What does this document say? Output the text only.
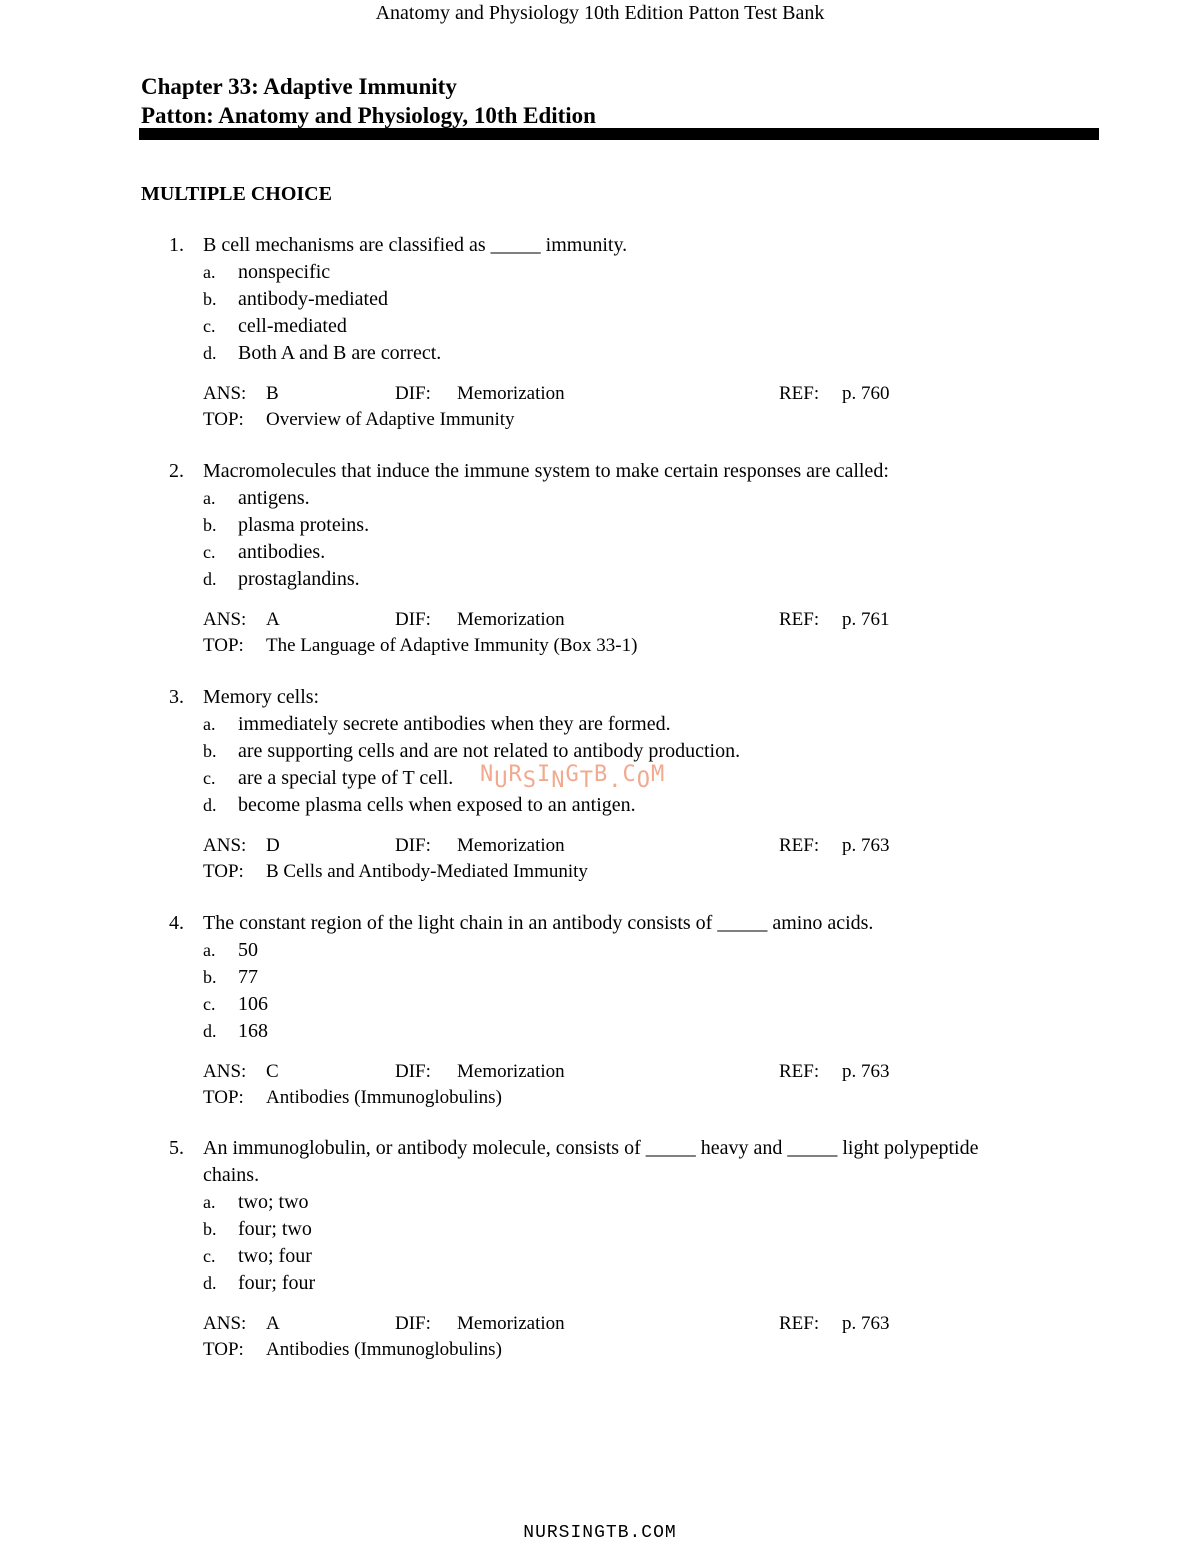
Anatomy and Physiology 10th Edition Patton Test Bank
Chapter 33: Adaptive Immunity
Patton: Anatomy and Physiology, 10th Edition
MULTIPLE CHOICE
1. B cell mechanisms are classified as _____ immunity.
a. nonspecific
b. antibody-mediated
c. cell-mediated
d. Both A and B are correct.
ANS: B	DIF: Memorization	REF: p. 760
TOP: Overview of Adaptive Immunity
2. Macromolecules that induce the immune system to make certain responses are called:
a. antigens.
b. plasma proteins.
c. antibodies.
d. prostaglandins.
ANS: A	DIF: Memorization	REF: p. 761
TOP: The Language of Adaptive Immunity (Box 33-1)
3. Memory cells:
a. immediately secrete antibodies when they are formed.
b. are supporting cells and are not related to antibody production.
c. are a special type of T cell.
d. become plasma cells when exposed to an antigen.
ANS: D	DIF: Memorization	REF: p. 763
TOP: B Cells and Antibody-Mediated Immunity
4. The constant region of the light chain in an antibody consists of _____ amino acids.
a. 50
b. 77
c. 106
d. 168
ANS: C	DIF: Memorization	REF: p. 763
TOP: Antibodies (Immunoglobulins)
5. An immunoglobulin, or antibody molecule, consists of _____ heavy and _____ light polypeptide chains.
a. two; two
b. four; two
c. two; four
d. four; four
ANS: A	DIF: Memorization	REF: p. 763
TOP: Antibodies (Immunoglobulins)
NURSINGTB.COM
NURSINGTB.COM
